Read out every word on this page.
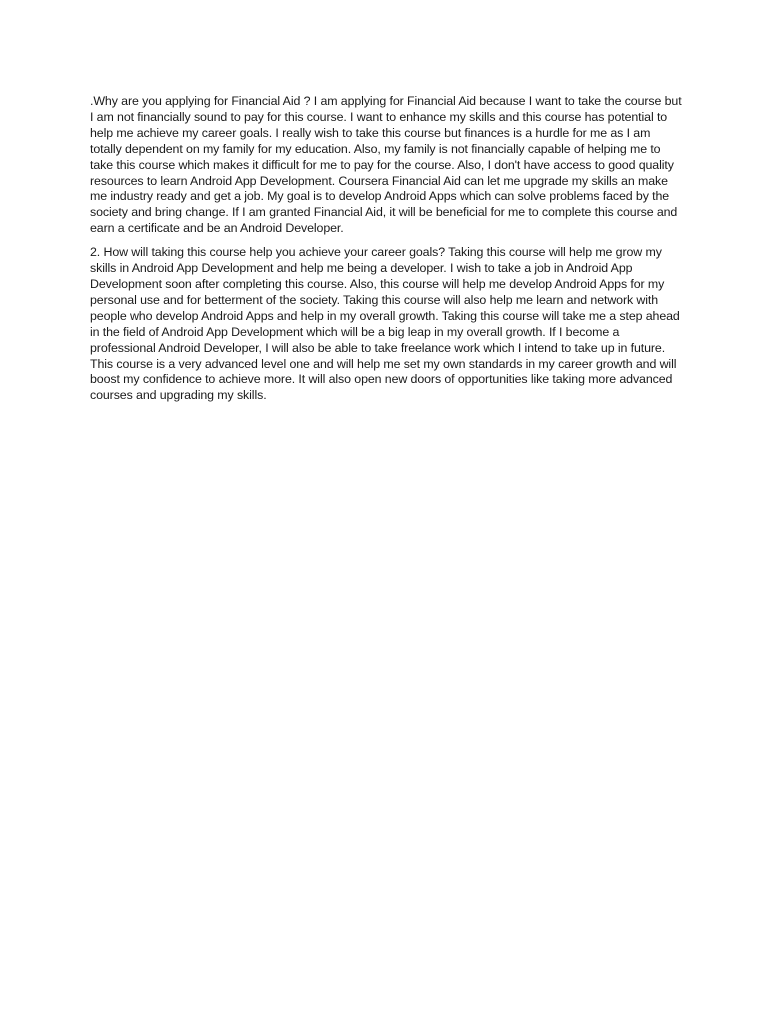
.Why are you applying for Financial Aid ? I am applying for Financial Aid because I want to take the course but I am not financially sound to pay for this course. I want to enhance my skills and this course has potential to help me achieve my career goals. I really wish to take this course but finances is a hurdle for me as I am totally dependent on my family for my education. Also, my family is not financially capable of helping me to take this course which makes it difficult for me to pay for the course. Also, I don't have access to good quality resources to learn Android App Development. Coursera Financial Aid can let me upgrade my skills an make me industry ready and get a job. My goal is to develop Android Apps which can solve problems faced by the society and bring change. If I am granted Financial Aid, it will be beneficial for me to complete this course and earn a certificate and be an Android Developer.

2. How will taking this course help you achieve your career goals? Taking this course will help me grow my skills in Android App Development and help me being a developer. I wish to take a job in Android App Development soon after completing this course. Also, this course will help me develop Android Apps for my personal use and for betterment of the society. Taking this course will also help me learn and network with people who develop Android Apps and help in my overall growth. Taking this course will take me a step ahead in the field of Android App Development which will be a big leap in my overall growth. If I become a professional Android Developer, I will also be able to take freelance work which I intend to take up in future. This course is a very advanced level one and will help me set my own standards in my career growth and will boost my confidence to achieve more. It will also open new doors of opportunities like taking more advanced courses and upgrading my skills.
